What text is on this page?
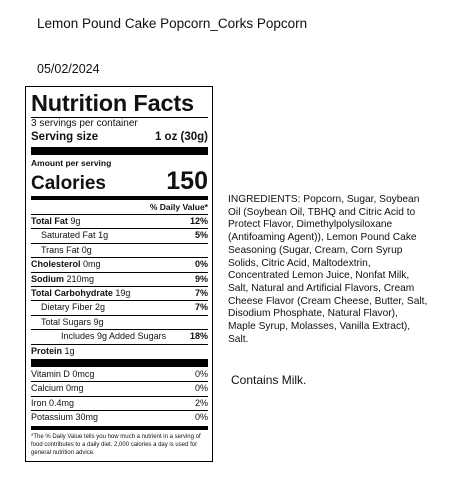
Lemon Pound Cake Popcorn_Corks Popcorn
05/02/2024
Nutrition Facts
3 servings per container
Serving size	1 oz (30g)
Amount per serving
Calories 150
% Daily Value*
Total Fat 9g	12%
Saturated Fat 1g	5%
Trans Fat 0g
Cholesterol 0mg	0%
Sodium 210mg	9%
Total Carbohydrate 19g	7%
Dietary Fiber 2g	7%
Total Sugars 9g
Includes 9g Added Sugars	18%
Protein 1g
Vitamin D 0mcg	0%
Calcium 0mg	0%
Iron 0.4mg	2%
Potassium 30mg	0%
*The % Daily Value tells you how much a nutrient in a serving of food contributes to a daily diet. 2,000 calories a day is used for general nutrition advice.
INGREDIENTS: Popcorn, Sugar, Soybean Oil (Soybean Oil, TBHQ and Citric Acid to Protect Flavor, Dimethylpolysiloxane (Antifoaming Agent)), Lemon Pound Cake Seasoning (Sugar, Cream, Corn Syrup Solids, Citric Acid, Maltodextrin, Concentrated Lemon Juice, Nonfat Milk, Salt, Natural and Artificial Flavors, Cream Cheese Flavor (Cream Cheese, Butter, Salt, Disodium Phosphate, Natural Flavor), Maple Syrup, Molasses, Vanilla Extract), Salt.
Contains Milk.
